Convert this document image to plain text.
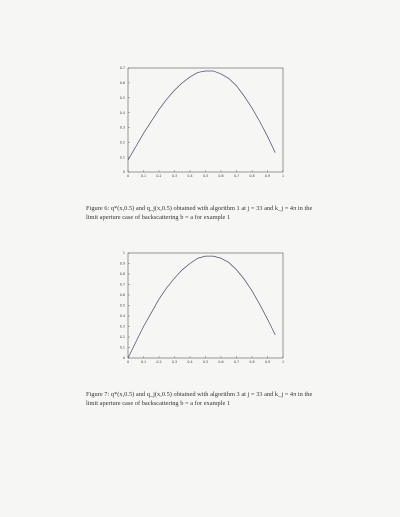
0	0.1	0.2	0.3	0.4	0.5	0.6	0.7	0.8	0.9	1
0
0.1
0.2
0.3
0.4
0.5
0.6
0.7
Figure 6: q*(x,0.5) and q_j(x,0.5) obtained with algorithm 1 at j = 33 and k_j = 4π in the limit aperture case of backscattering b = a for example 1
0	0.1	0.2	0.3	0.4	0.5	0.6	0.7	0.8	0.9	1
0
0.1
0.2
0.3
0.4
0.5
0.6
0.7
0.8
0.9
1
Figure 7: q*(x,0.5) and q_j(x,0.5) obtained with algorithm 3 at j = 33 and k_j = 4π in the limit aperture case of backscattering b = a for example 1
